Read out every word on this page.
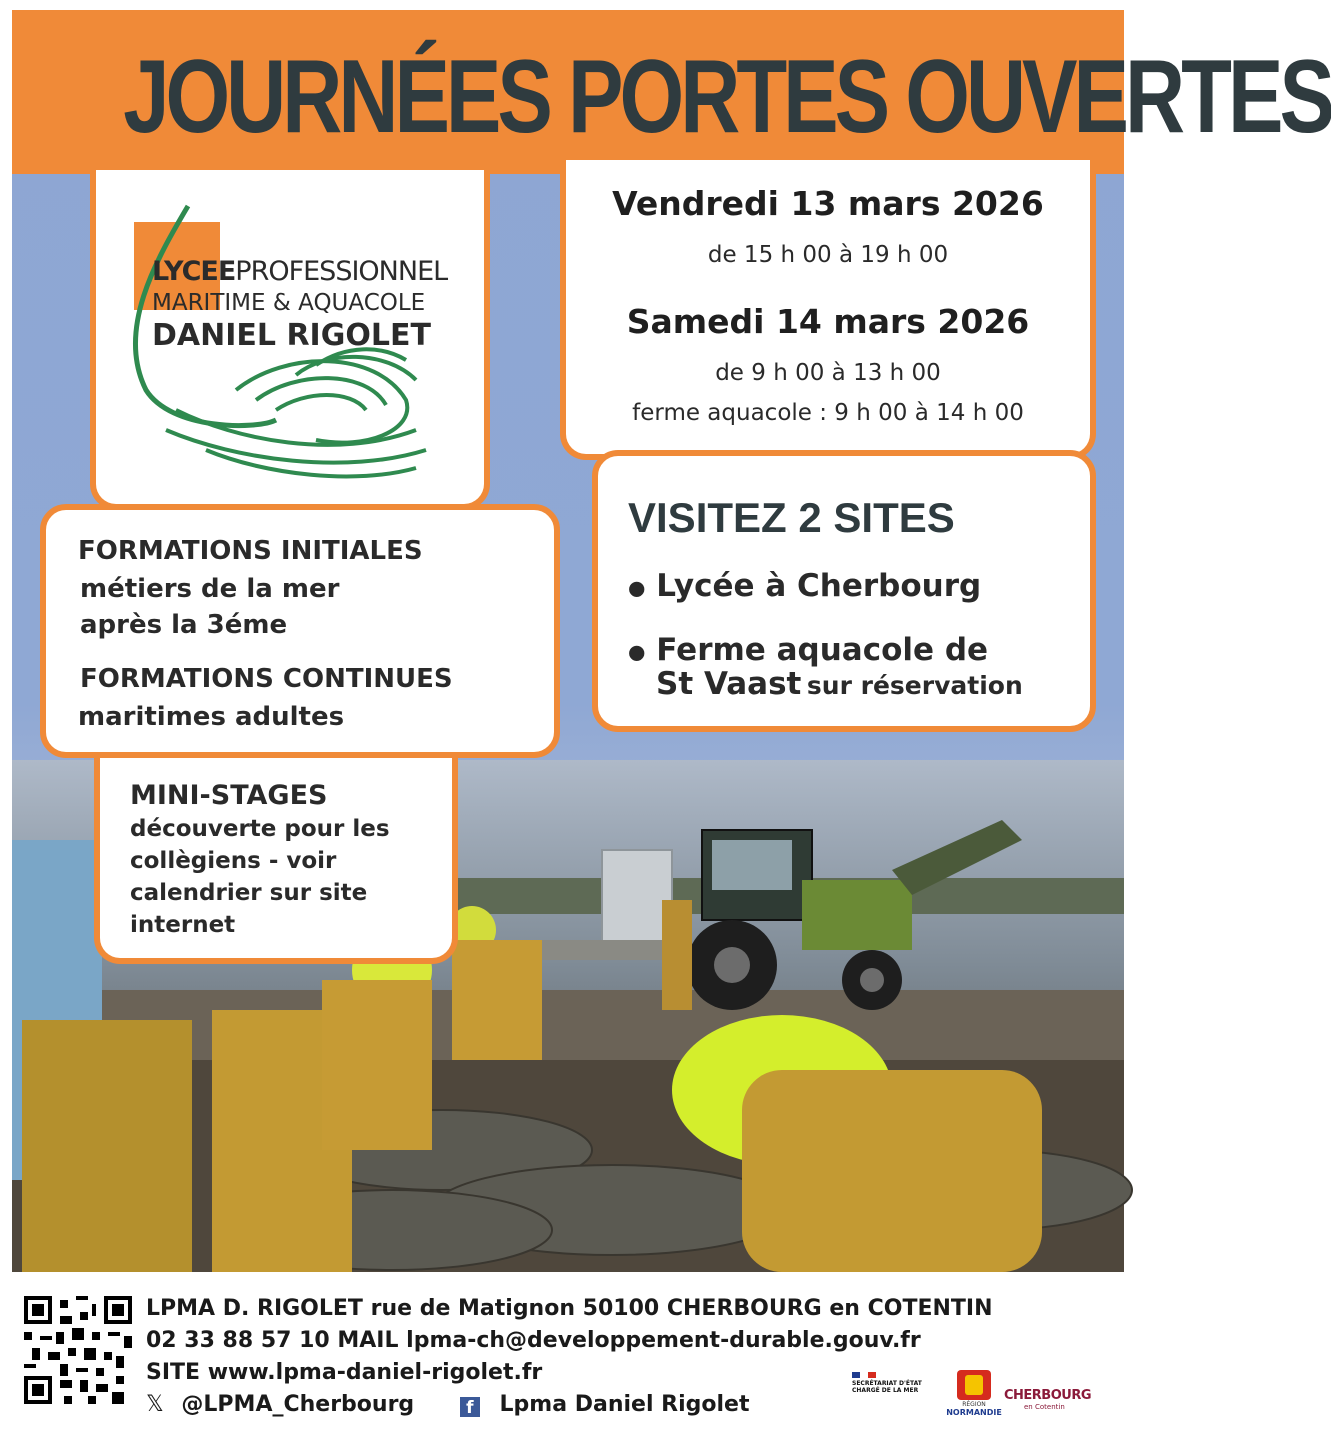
JOURNÉES PORTES OUVERTES
LYCEEPROFESSIONNEL
MARITIME & AQUACOLE
DANIEL RIGOLET
Vendredi 13 mars 2026
de 15 h 00 à 19 h 00
Samedi 14 mars 2026
de 9 h 00 à 13 h 00
ferme aquacole : 9 h 00 à 14 h 00
VISITEZ 2 SITES
● Lycée à Cherbourg
● Ferme aquacole de
St Vaast sur réservation
FORMATIONS INITIALES
métiers de la mer
après la 3éme
FORMATIONS CONTINUES
maritimes adultes
MINI-STAGES
découverte pour les
collègiens - voir
calendrier sur site
internet
LPMA D. RIGOLET rue de Matignon 50100 CHERBOURG en COTENTIN
02 33 88 57 10 MAIL lpma-ch@developpement-durable.gouv.fr
SITE www.lpma-daniel-rigolet.fr
𝕏 @LPMA_Cherbourg	f Lpma Daniel Rigolet
SECRÉTARIAT D'ÉTAT CHARGÉ DE LA MER
RÉGION
NORMANDIE
CHERBOURG
en Cotentin
